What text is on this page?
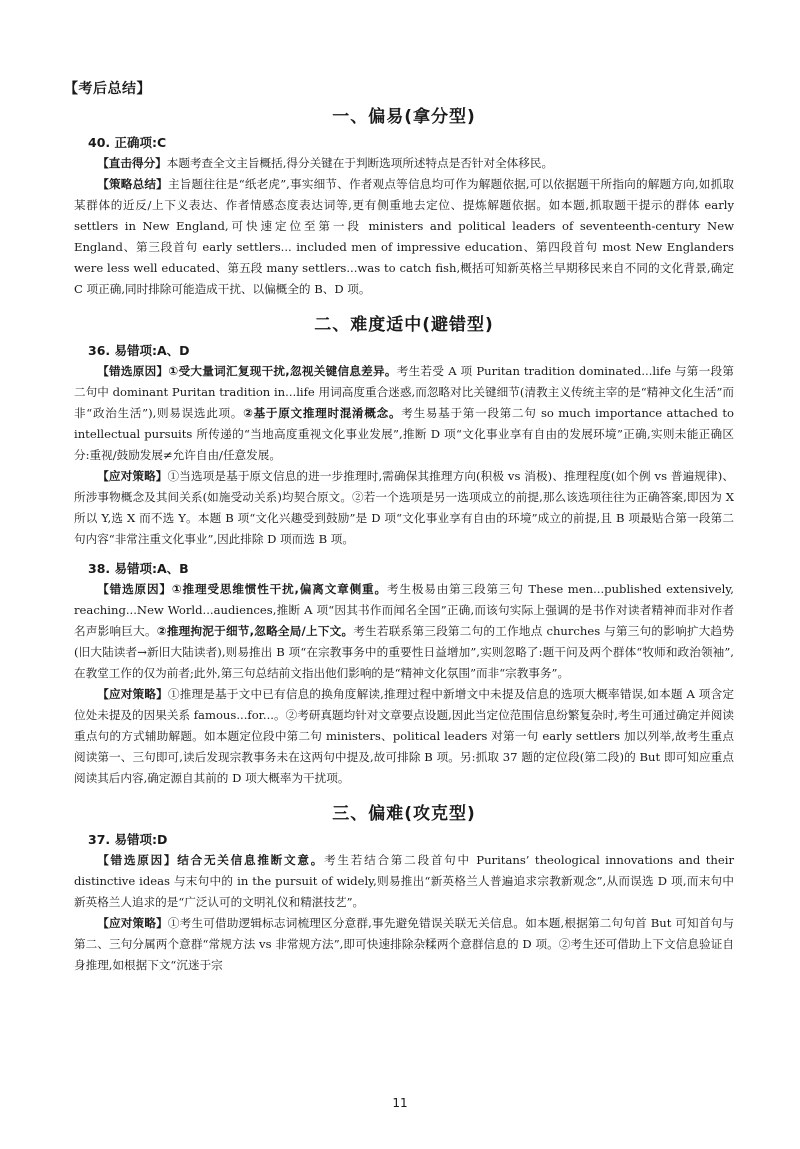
【考后总结】
一、偏易(拿分型)
40. 正确项:C

【直击得分】本题考查全文主旨概括,得分关键在于判断选项所述特点是否针对全体移民。

【策略总结】主旨题往往是“纸老虎”,事实细节、作者观点等信息均可作为解题依据,可以依据题干所指向的解题方向,如抓取某群体的近反/上下义表达、作者情感态度表达词等,更有侧重地去定位、提炼解题依据。如本题,抓取题干提示的群体 early settlers in New England,可快速定位至第一段 ministers and political leaders of seventeenth-century New England、第三段首句 early settlers... included men of impressive education、第四段首句 most New Englanders were less well educated、第五段 many settlers...was to catch fish,概括可知新英格兰早期移民来自不同的文化背景,确定 C 项正确,同时排除可能造成干扰、以偏概全的 B、D 项。

二、难度适中(避错型)
36. 易错项:A、D

【错选原因】①受大量词汇复现干扰,忽视关键信息差异。考生若受 A 项 Puritan tradition dominated...life 与第一段第二句中 dominant Puritan tradition in...life 用词高度重合迷惑,而忽略对比关键细节(清教主义传统主宰的是“精神文化生活”而非“政治生活”),则易误选此项。②基于原文推理时混淆概念。考生易基于第一段第二句 so much importance attached to intellectual pursuits 所传递的“当地高度重视文化事业发展”,推断 D 项“文化事业享有自由的发展环境”正确,实则未能正确区分:重视/鼓励发展≠允许自由/任意发展。

【应对策略】①当选项是基于原文信息的进一步推理时,需确保其推理方向(积极 vs 消极)、推理程度(如个例 vs 普遍规律)、所涉事物概念及其间关系(如施受动关系)均契合原文。②若一个选项是另一选项成立的前提,那么该选项往往为正确答案,即因为 X 所以 Y,选 X 而不选 Y。本题 B 项“文化兴趣受到鼓励”是 D 项“文化事业享有自由的环境”成立的前提,且 B 项最贴合第一段第二句内容“非常注重文化事业”,因此排除 D 项而选 B 项。

38. 易错项:A、B

【错选原因】①推理受思维惯性干扰,偏离文章侧重。考生极易由第三段第三句 These men...published extensively, reaching...New World...audiences,推断 A 项“因其书作而闻名全国”正确,而该句实际上强调的是书作对读者精神而非对作者名声影响巨大。②推理拘泥于细节,忽略全局/上下文。考生若联系第三段第二句的工作地点 churches 与第三句的影响扩大趋势(旧大陆读者→新旧大陆读者),则易推出 B 项“在宗教事务中的重要性日益增加”,实则忽略了:题干问及两个群体“牧师和政治领袖”,在教堂工作的仅为前者;此外,第三句总结前文指出他们影响的是“精神文化氛围”而非“宗教事务”。

【应对策略】①推理是基于文中已有信息的换角度解读,推理过程中新增文中未提及信息的选项大概率错误,如本题 A 项含定位处未提及的因果关系 famous...for...。②考研真题均针对文章要点设题,因此当定位范围信息纷繁复杂时,考生可通过确定并阅读重点句的方式辅助解题。如本题定位段中第二句 ministers、political leaders 对第一句 early settlers 加以列举,故考生重点阅读第一、三句即可,读后发现宗教事务未在这两句中提及,故可排除 B 项。另:抓取 37 题的定位段(第二段)的 But 即可知应重点阅读其后内容,确定源自其前的 D 项大概率为干扰项。

三、偏难(攻克型)
37. 易错项:D

【错选原因】结合无关信息推断文意。考生若结合第二段首句中 Puritans’ theological innovations and their distinctive ideas 与末句中的 in the pursuit of widely,则易推出“新英格兰人普遍追求宗教新观念”,从而误选 D 项,而末句中新英格兰人追求的是“广泛认可的文明礼仪和精湛技艺”。

【应对策略】①考生可借助逻辑标志词梳理区分意群,事先避免错误关联无关信息。如本题,根据第二句句首 But 可知首句与第二、三句分属两个意群“常规方法 vs 非常规方法”,即可快速排除杂糅两个意群信息的 D 项。②考生还可借助上下文信息验证自身推理,如根据下文“沉迷于宗

11
